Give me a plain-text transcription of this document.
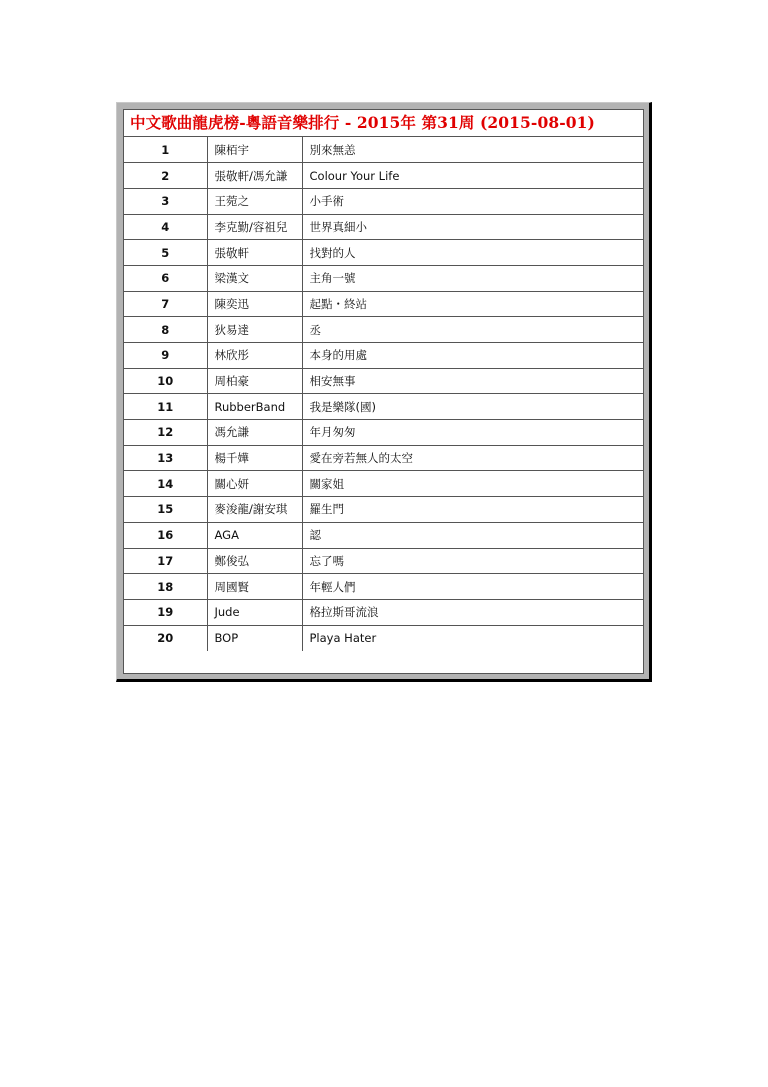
中文歌曲龍虎榜-粵語音樂排行 - 2015年 第31周 (2015-08-01)
1	陳栢宇	別來無恙
2	張敬軒/馮允謙	Colour Your Life
3	王菀之	小手術
4	李克勤/容祖兒	世界真細小
5	張敬軒	找對的人
6	梁漢文	主角一號
7	陳奕迅	起點・終站
8	狄易達	丞
9	林欣彤	本身的用處
10	周柏豪	相安無事
11	RubberBand	我是樂隊(國)
12	馮允謙	年月匆匆
13	楊千嬅	愛在旁若無人的太空
14	關心妍	關家姐
15	麥浚龍/謝安琪	羅生門
16	AGA	認
17	鄭俊弘	忘了嗎
18	周國賢	年輕人們
19	Jude	格拉斯哥流浪
20	BOP	Playa Hater
